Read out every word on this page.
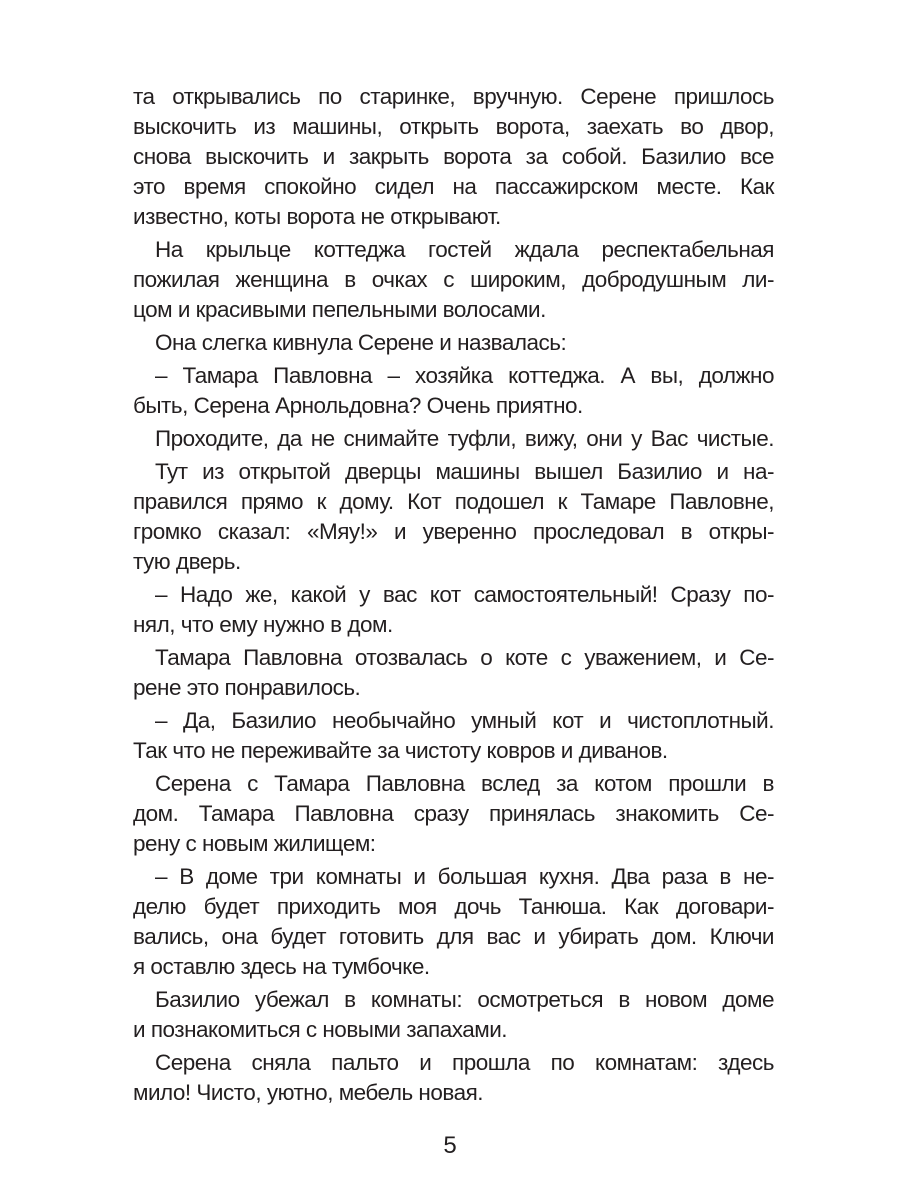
та открывались по старинке, вручную. Серене пришлось
выскочить из машины, открыть ворота, заехать во двор,
снова выскочить и закрыть ворота за собой. Базилио все
это время спокойно сидел на пассажирском месте. Как
известно, коты ворота не открывают.
На крыльце коттеджа гостей ждала респектабельная
пожилая женщина в очках с широким, добродушным ли-
цом и красивыми пепельными волосами.
Она слегка кивнула Серене и назвалась:
– Тамара Павловна – хозяйка коттеджа. А вы, должно
быть, Серена Арнольдовна? Очень приятно.
Проходите, да не снимайте туфли, вижу, они у Вас чистые.
Тут из открытой дверцы машины вышел Базилио и на-
правился прямо к дому. Кот подошел к Тамаре Павловне,
громко сказал: «Мяу!» и уверенно проследовал в откры-
тую дверь.
– Надо же, какой у вас кот самостоятельный! Сразу по-
нял, что ему нужно в дом.
Тамара Павловна отозвалась о коте с уважением, и Се-
рене это понравилось.
– Да, Базилио необычайно умный кот и чистоплотный.
Так что не переживайте за чистоту ковров и диванов.
Серена с Тамара Павловна вслед за котом прошли в
дом. Тамара Павловна сразу принялась знакомить Се-
рену с новым жилищем:
– В доме три комнаты и большая кухня. Два раза в не-
делю будет приходить моя дочь Танюша. Как договари-
вались, она будет готовить для вас и убирать дом. Ключи
я оставлю здесь на тумбочке.
Базилио убежал в комнаты: осмотреться в новом доме
и познакомиться с новыми запахами.
Серена сняла пальто и прошла по комнатам: здесь
мило! Чисто, уютно, мебель новая.
5
